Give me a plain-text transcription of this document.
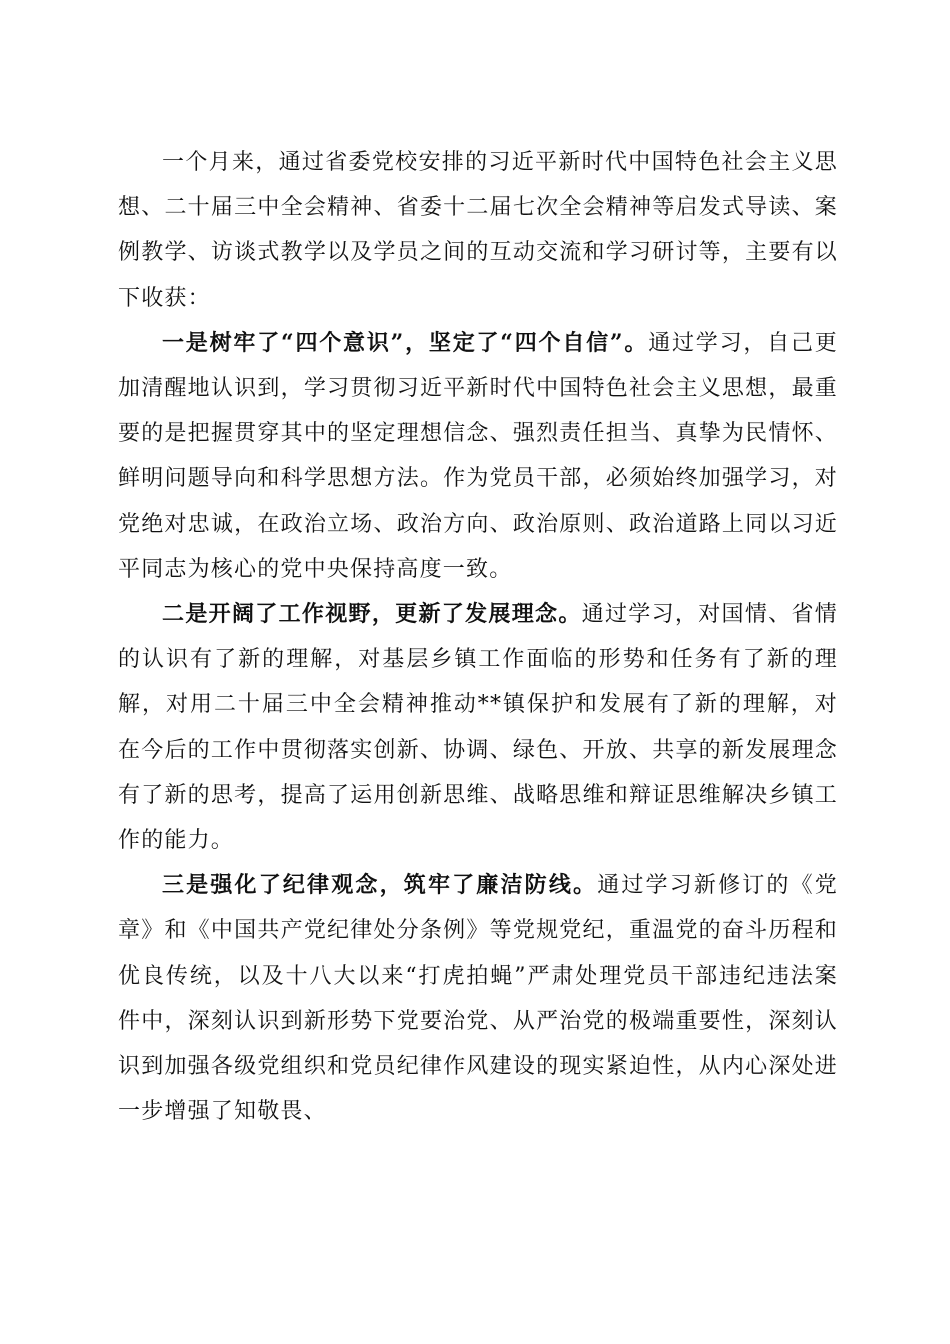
一个月来，通过省委党校安排的习近平新时代中国特色社会主义思想、二十届三中全会精神、省委十二届七次全会精神等启发式导读、案例教学、访谈式教学以及学员之间的互动交流和学习研讨等，主要有以下收获：

一是树牢了“四个意识”，坚定了“四个自信”。通过学习，自己更加清醒地认识到，学习贯彻习近平新时代中国特色社会主义思想，最重要的是把握贯穿其中的坚定理想信念、强烈责任担当、真挚为民情怀、鲜明问题导向和科学思想方法。作为党员干部，必须始终加强学习，对党绝对忠诚，在政治立场、政治方向、政治原则、政治道路上同以习近平同志为核心的党中央保持高度一致。

二是开阔了工作视野，更新了发展理念。通过学习，对国情、省情的认识有了新的理解，对基层乡镇工作面临的形势和任务有了新的理解，对用二十届三中全会精神推动**镇保护和发展有了新的理解，对在今后的工作中贯彻落实创新、协调、绿色、开放、共享的新发展理念有了新的思考，提高了运用创新思维、战略思维和辩证思维解决乡镇工作的能力。

三是强化了纪律观念，筑牢了廉洁防线。通过学习新修订的《党章》和《中国共产党纪律处分条例》等党规党纪，重温党的奋斗历程和优良传统，以及十八大以来“打虎拍蝇”严肃处理党员干部违纪违法案件中，深刻认识到新形势下党要治党、从严治党的极端重要性，深刻认识到加强各级党组织和党员纪律作风建设的现实紧迫性，从内心深处进一步增强了知敬畏、
